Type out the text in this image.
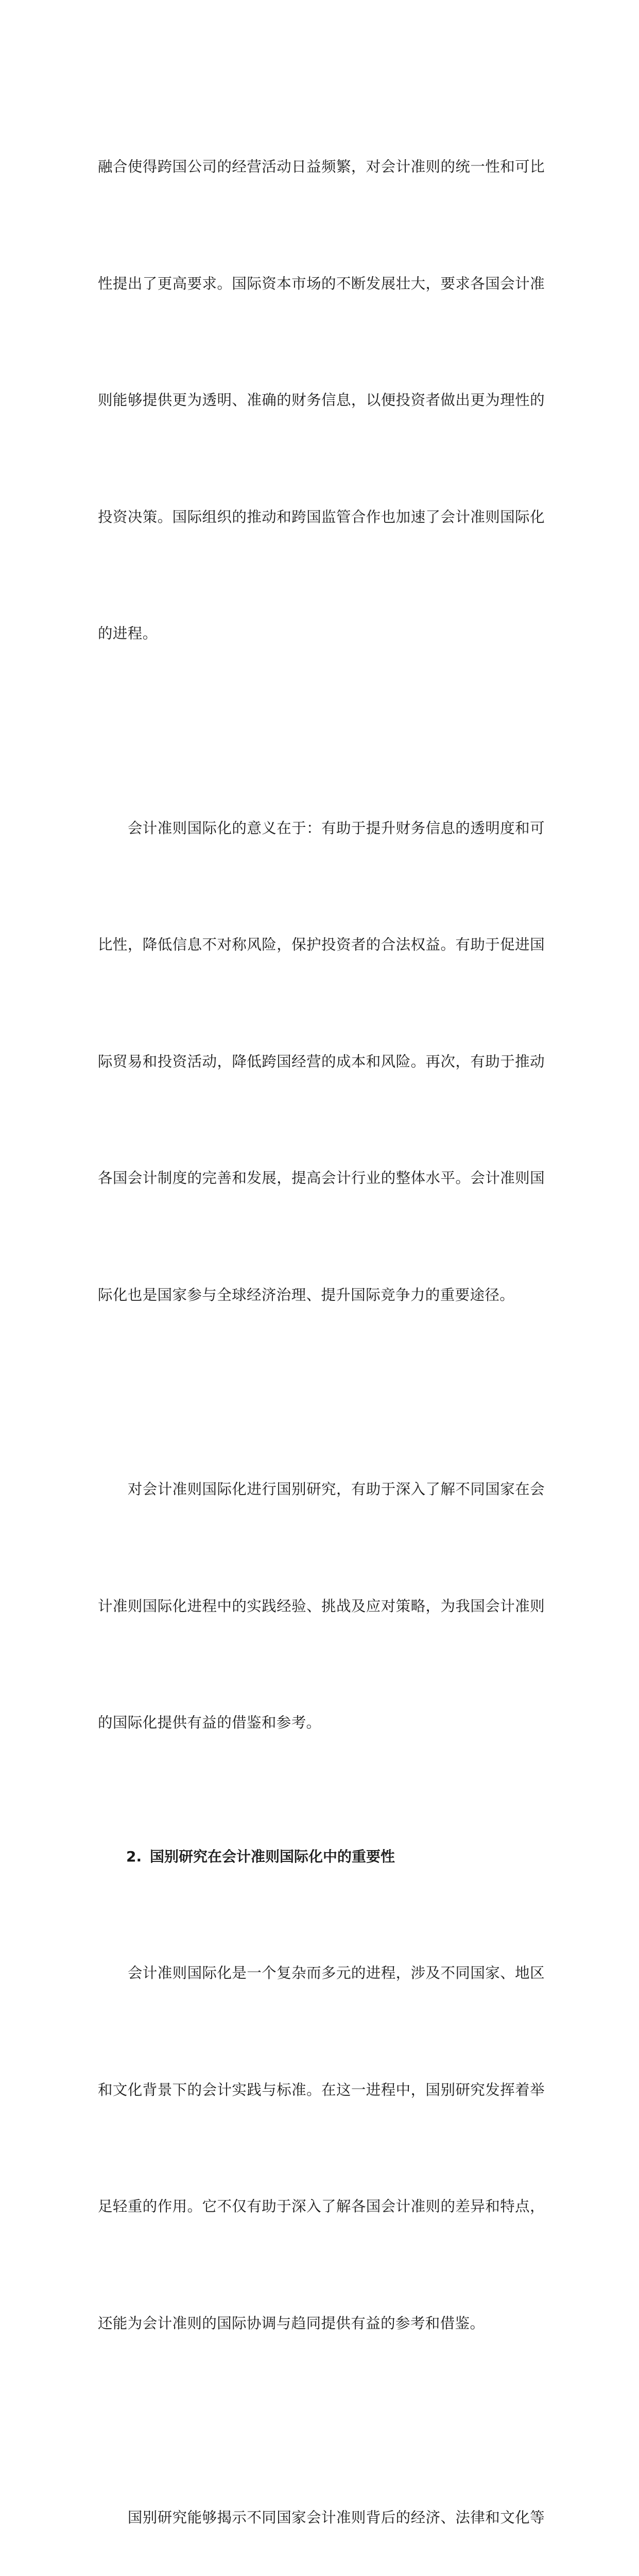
融合使得跨国公司的经营活动日益频繁，对会计准则的统一性和可比

性提出了更高要求。国际资本市场的不断发展壮大，要求各国会计准

则能够提供更为透明、准确的财务信息，以便投资者做出更为理性的

投资决策。国际组织的推动和跨国监管合作也加速了会计准则国际化

的进程。

　　会计准则国际化的意义在于：有助于提升财务信息的透明度和可

比性，降低信息不对称风险，保护投资者的合法权益。有助于促进国

际贸易和投资活动，降低跨国经营的成本和风险。再次，有助于推动

各国会计制度的完善和发展，提高会计行业的整体水平。会计准则国

际化也是国家参与全球经济治理、提升国际竞争力的重要途径。

　　对会计准则国际化进行国别研究，有助于深入了解不同国家在会

计准则国际化进程中的实践经验、挑战及应对策略，为我国会计准则

的国际化提供有益的借鉴和参考。

2. 国别研究在会计准则国际化中的重要性

　　会计准则国际化是一个复杂而多元的进程，涉及不同国家、地区

和文化背景下的会计实践与标准。在这一进程中，国别研究发挥着举

足轻重的作用。它不仅有助于深入了解各国会计准则的差异和特点，

还能为会计准则的国际协调与趋同提供有益的参考和借鉴。

　　国别研究能够揭示不同国家会计准则背后的经济、法律和文化等
